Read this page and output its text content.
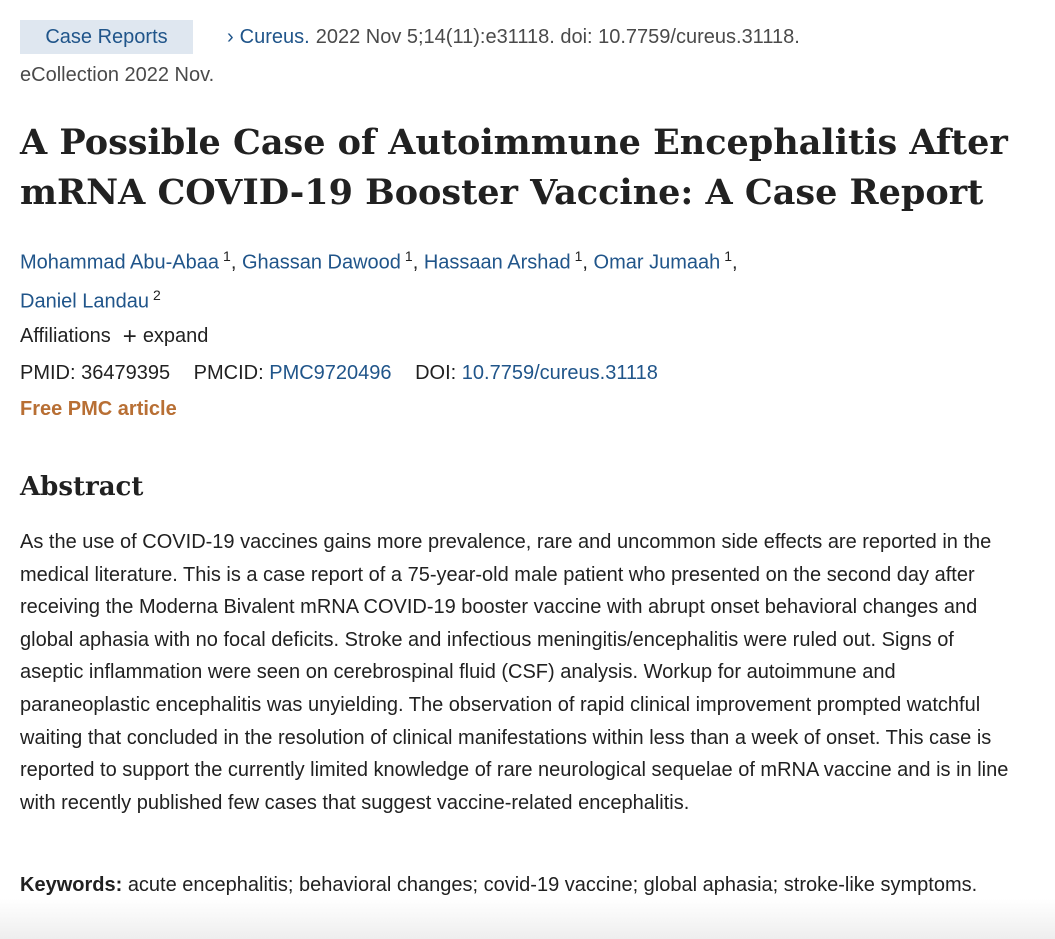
Case Reports	› Cureus. 2022 Nov 5;14(11):e31118. doi: 10.7759/cureus.31118.
eCollection 2022 Nov.
A Possible Case of Autoimmune Encephalitis After
mRNA COVID-19 Booster Vaccine: A Case Report
Mohammad Abu-Abaa $^1$, Ghassan Dawood $^1$, Hassaan Arshad $^1$, Omar Jumaah $^1$,
Daniel Landau $^2$
Affiliations + expand
PMID: 36479395 PMCID: PMC9720496 DOI: 10.7759/cureus.31118
Free PMC article
Abstract

As the use of COVID-19 vaccines gains more prevalence, rare and uncommon side effects are reported in the medical literature. This is a case report of a 75-year-old male patient who presented on the second day after receiving the Moderna Bivalent mRNA COVID-19 booster vaccine with abrupt onset behavioral changes and global aphasia with no focal deficits. Stroke and infectious meningitis/encephalitis were ruled out. Signs of aseptic inflammation were seen on cerebrospinal fluid (CSF) analysis. Workup for autoimmune and paraneoplastic encephalitis was unyielding. The observation of rapid clinical improvement prompted watchful waiting that concluded in the resolution of clinical manifestations within less than a week of onset. This case is reported to support the currently limited knowledge of rare neurological sequelae of mRNA vaccine and is in line with recently published few cases that suggest vaccine-related encephalitis.

Keywords: acute encephalitis; behavioral changes; covid-19 vaccine; global aphasia; stroke-like symptoms.
